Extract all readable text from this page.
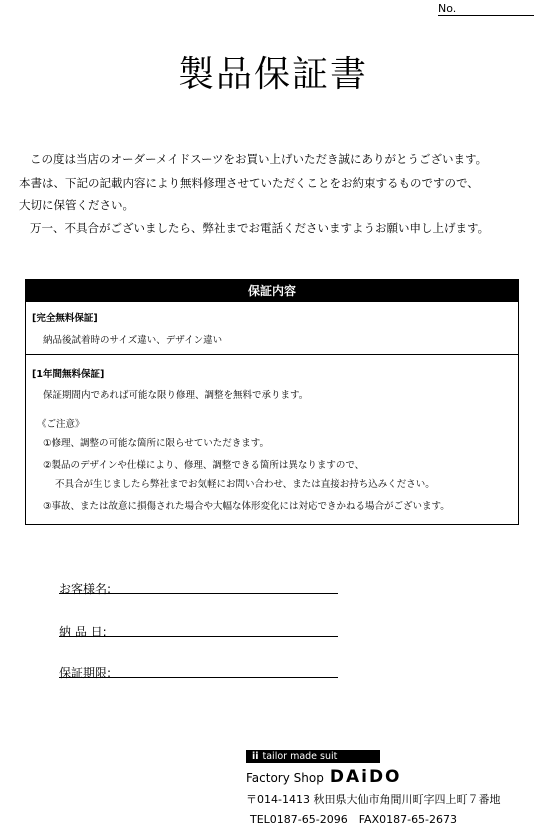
No.
製品保証書
この度は当店のオーダーメイドスーツをお買い上げいただき誠にありがとうございます。
本書は、下記の記載内容により無料修理させていただくことをお約束するものですので、
大切に保管ください。
万一、不具合がございましたら、弊社までお電話くださいますようお願い申し上げます。
保証内容
[完全無料保証]
納品後試着時のサイズ違い、デザイン違い
[1年間無料保証]
保証期間内であれば可能な限り修理、調整を無料で承ります。
《ご注意》
①修理、調整の可能な箇所に限らせていただきます。
②製品のデザインや仕様により、修理、調整できる箇所は異なりますので、
不具合が生じましたら弊社までお気軽にお問い合わせ、または直接お持ち込みください。
③事故、または故意に損傷された場合や大幅な体形変化には対応できかねる場合がございます。
お客様名:
納 品 日:
保証期限:
ii tailor made suit
Factory Shop DAiDO
〒014-1413 秋田県大仙市角間川町字四上町７番地
TEL0187-65-2096　FAX0187-65-2673
